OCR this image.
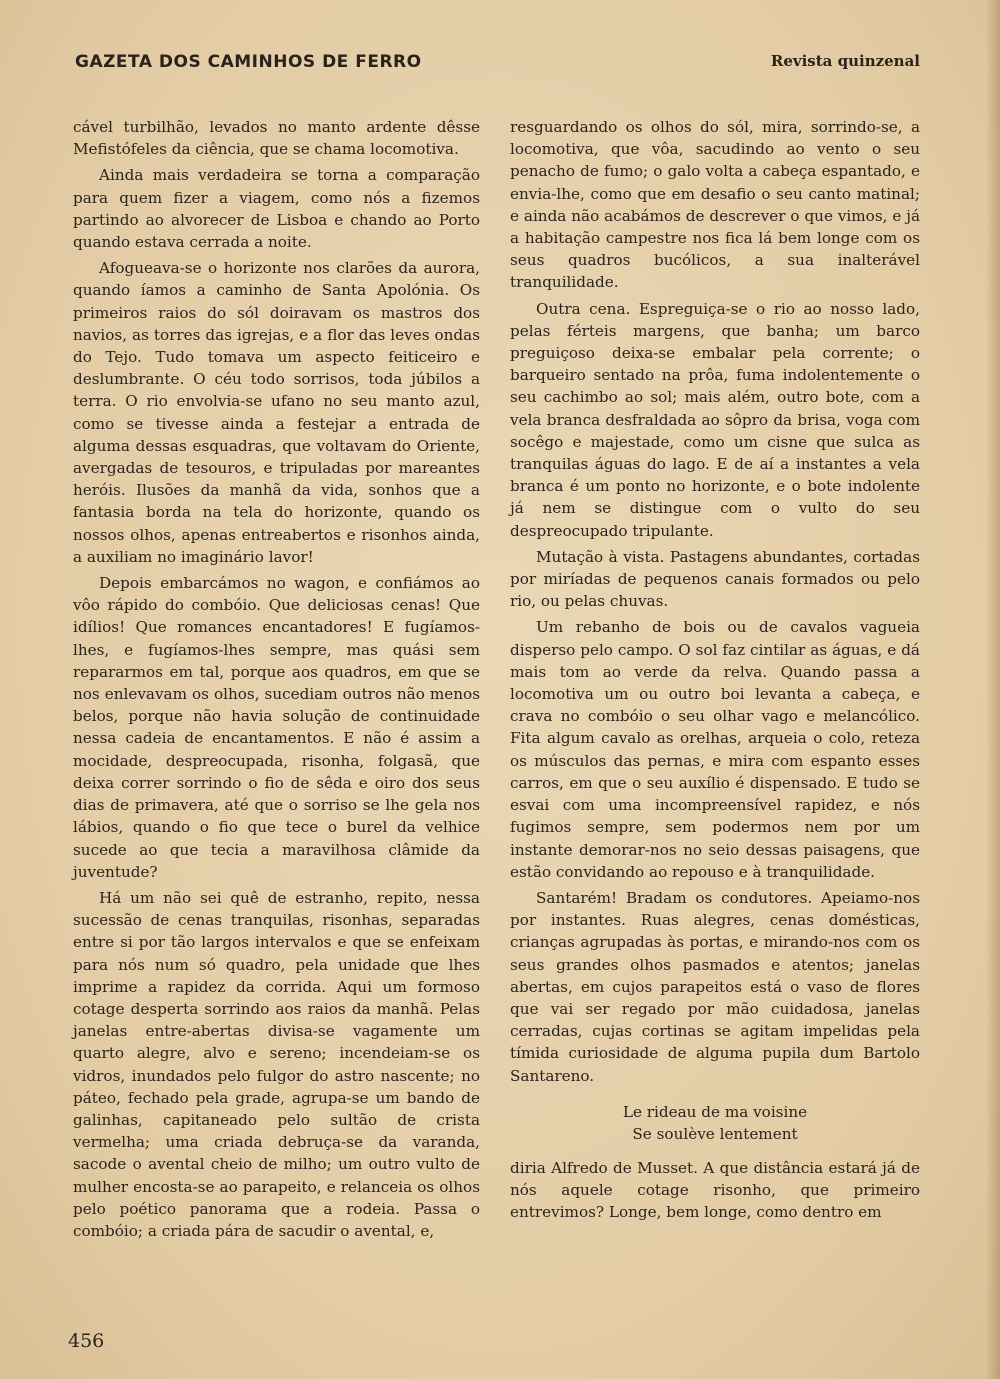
GAZETA DOS CAMINHOS DE FERRO	Revista quinzenal

cável turbilhão, levados no manto ardente dêsse Mefistófeles da ciência, que se chama locomotiva.

Ainda mais verdadeira se torna a comparação para quem fizer a viagem, como nós a fizemos partindo ao alvorecer de Lisboa e chando ao Porto quando estava cerrada a noite.

Afogueava-se o horizonte nos clarões da aurora, quando íamos a caminho de Santa Apolónia. Os primeiros raios do sól doiravam os mastros dos navios, as torres das igrejas, e a flor das leves ondas do Tejo. Tudo tomava um aspecto feiticeiro e deslumbrante. O céu todo sorrisos, toda júbilos a terra. O rio envolvia-se ufano no seu manto azul, como se tivesse ainda a festejar a entrada de alguma dessas esquadras, que voltavam do Oriente, avergadas de tesouros, e tripuladas por mareantes heróis. Ilusões da manhã da vida, sonhos que a fantasia borda na tela do horizonte, quando os nossos olhos, apenas entreabertos e risonhos ainda, a auxiliam no imaginário lavor!

Depois embarcámos no wagon, e confiámos ao vôo rápido do combóio. Que deliciosas cenas! Que idílios! Que romances encantadores! E fugíamos-lhes, e fugíamos-lhes sempre, mas quási sem repararmos em tal, porque aos quadros, em que se nos enlevavam os olhos, sucediam outros não menos belos, porque não havia solução de continuidade nessa cadeia de encantamentos. E não é assim a mocidade, despreocupada, risonha, folgasã, que deixa correr sorrindo o fio de sêda e oiro dos seus dias de primavera, até que o sorriso se lhe gela nos lábios, quando o fio que tece o burel da velhice sucede ao que tecia a maravilhosa clâmide da juventude?

Há um não sei quê de estranho, repito, nessa sucessão de cenas tranquilas, risonhas, separadas entre si por tão largos intervalos e que se enfeixam para nós num só quadro, pela unidade que lhes imprime a rapidez da corrida. Aqui um formoso cotage desperta sorrindo aos raios da manhã. Pelas janelas entre-abertas divisa-se vagamente um quarto alegre, alvo e sereno; incendeiam-se os vidros, inundados pelo fulgor do astro nascente; no páteo, fechado pela grade, agrupa-se um bando de galinhas, capitaneado pelo sultão de crista vermelha; uma criada debruça-se da varanda, sacode o avental cheio de milho; um outro vulto de mulher encosta-se ao parapeito, e relanceia os olhos pelo poético panorama que a rodeia. Passa o combóio; a criada pára de sacudir o avental, e,

resguardando os olhos do sól, mira, sorrindo-se, a locomotiva, que vôa, sacudindo ao vento o seu penacho de fumo; o galo volta a cabeça espantado, e envia-lhe, como que em desafio o seu canto matinal; e ainda não acabámos de descrever o que vimos, e já a habitação campestre nos fica lá bem longe com os seus quadros bucólicos, a sua inalterável tranquilidade.

Outra cena. Espreguiça-se o rio ao nosso lado, pelas férteis margens, que banha; um barco preguiçoso deixa-se embalar pela corrente; o barqueiro sentado na prôa, fuma indolentemente o seu cachimbo ao sol; mais além, outro bote, com a vela branca desfraldada ao sôpro da brisa, voga com socêgo e majestade, como um cisne que sulca as tranquilas águas do lago. E de aí a instantes a vela branca é um ponto no horizonte, e o bote indolente já nem se distingue com o vulto do seu despreocupado tripulante.

Mutação à vista. Pastagens abundantes, cortadas por miríadas de pequenos canais formados ou pelo rio, ou pelas chuvas.

Um rebanho de bois ou de cavalos vagueia disperso pelo campo. O sol faz cintilar as águas, e dá mais tom ao verde da relva. Quando passa a locomotiva um ou outro boi levanta a cabeça, e crava no combóio o seu olhar vago e melancólico. Fita algum cavalo as orelhas, arqueia o colo, reteza os músculos das pernas, e mira com espanto esses carros, em que o seu auxílio é dispensado. E tudo se esvai com uma incompreensível rapidez, e nós fugimos sempre, sem podermos nem por um instante demorar-nos no seio dessas paisagens, que estão convidando ao repouso e à tranquilidade.

Santarém! Bradam os condutores. Apeiamo-nos por instantes. Ruas alegres, cenas domésticas, crianças agrupadas às portas, e mirando-nos com os seus grandes olhos pasmados e atentos; janelas abertas, em cujos parapeitos está o vaso de flores que vai ser regado por mão cuidadosa, janelas cerradas, cujas cortinas se agitam impelidas pela tímida curiosidade de alguma pupila dum Bartolo Santareno.

Le rideau de ma voisine
Se soulève lentement

diria Alfredo de Musset. A que distância estará já de nós aquele cotage risonho, que primeiro entrevimos? Longe, bem longe, como dentro em

456
